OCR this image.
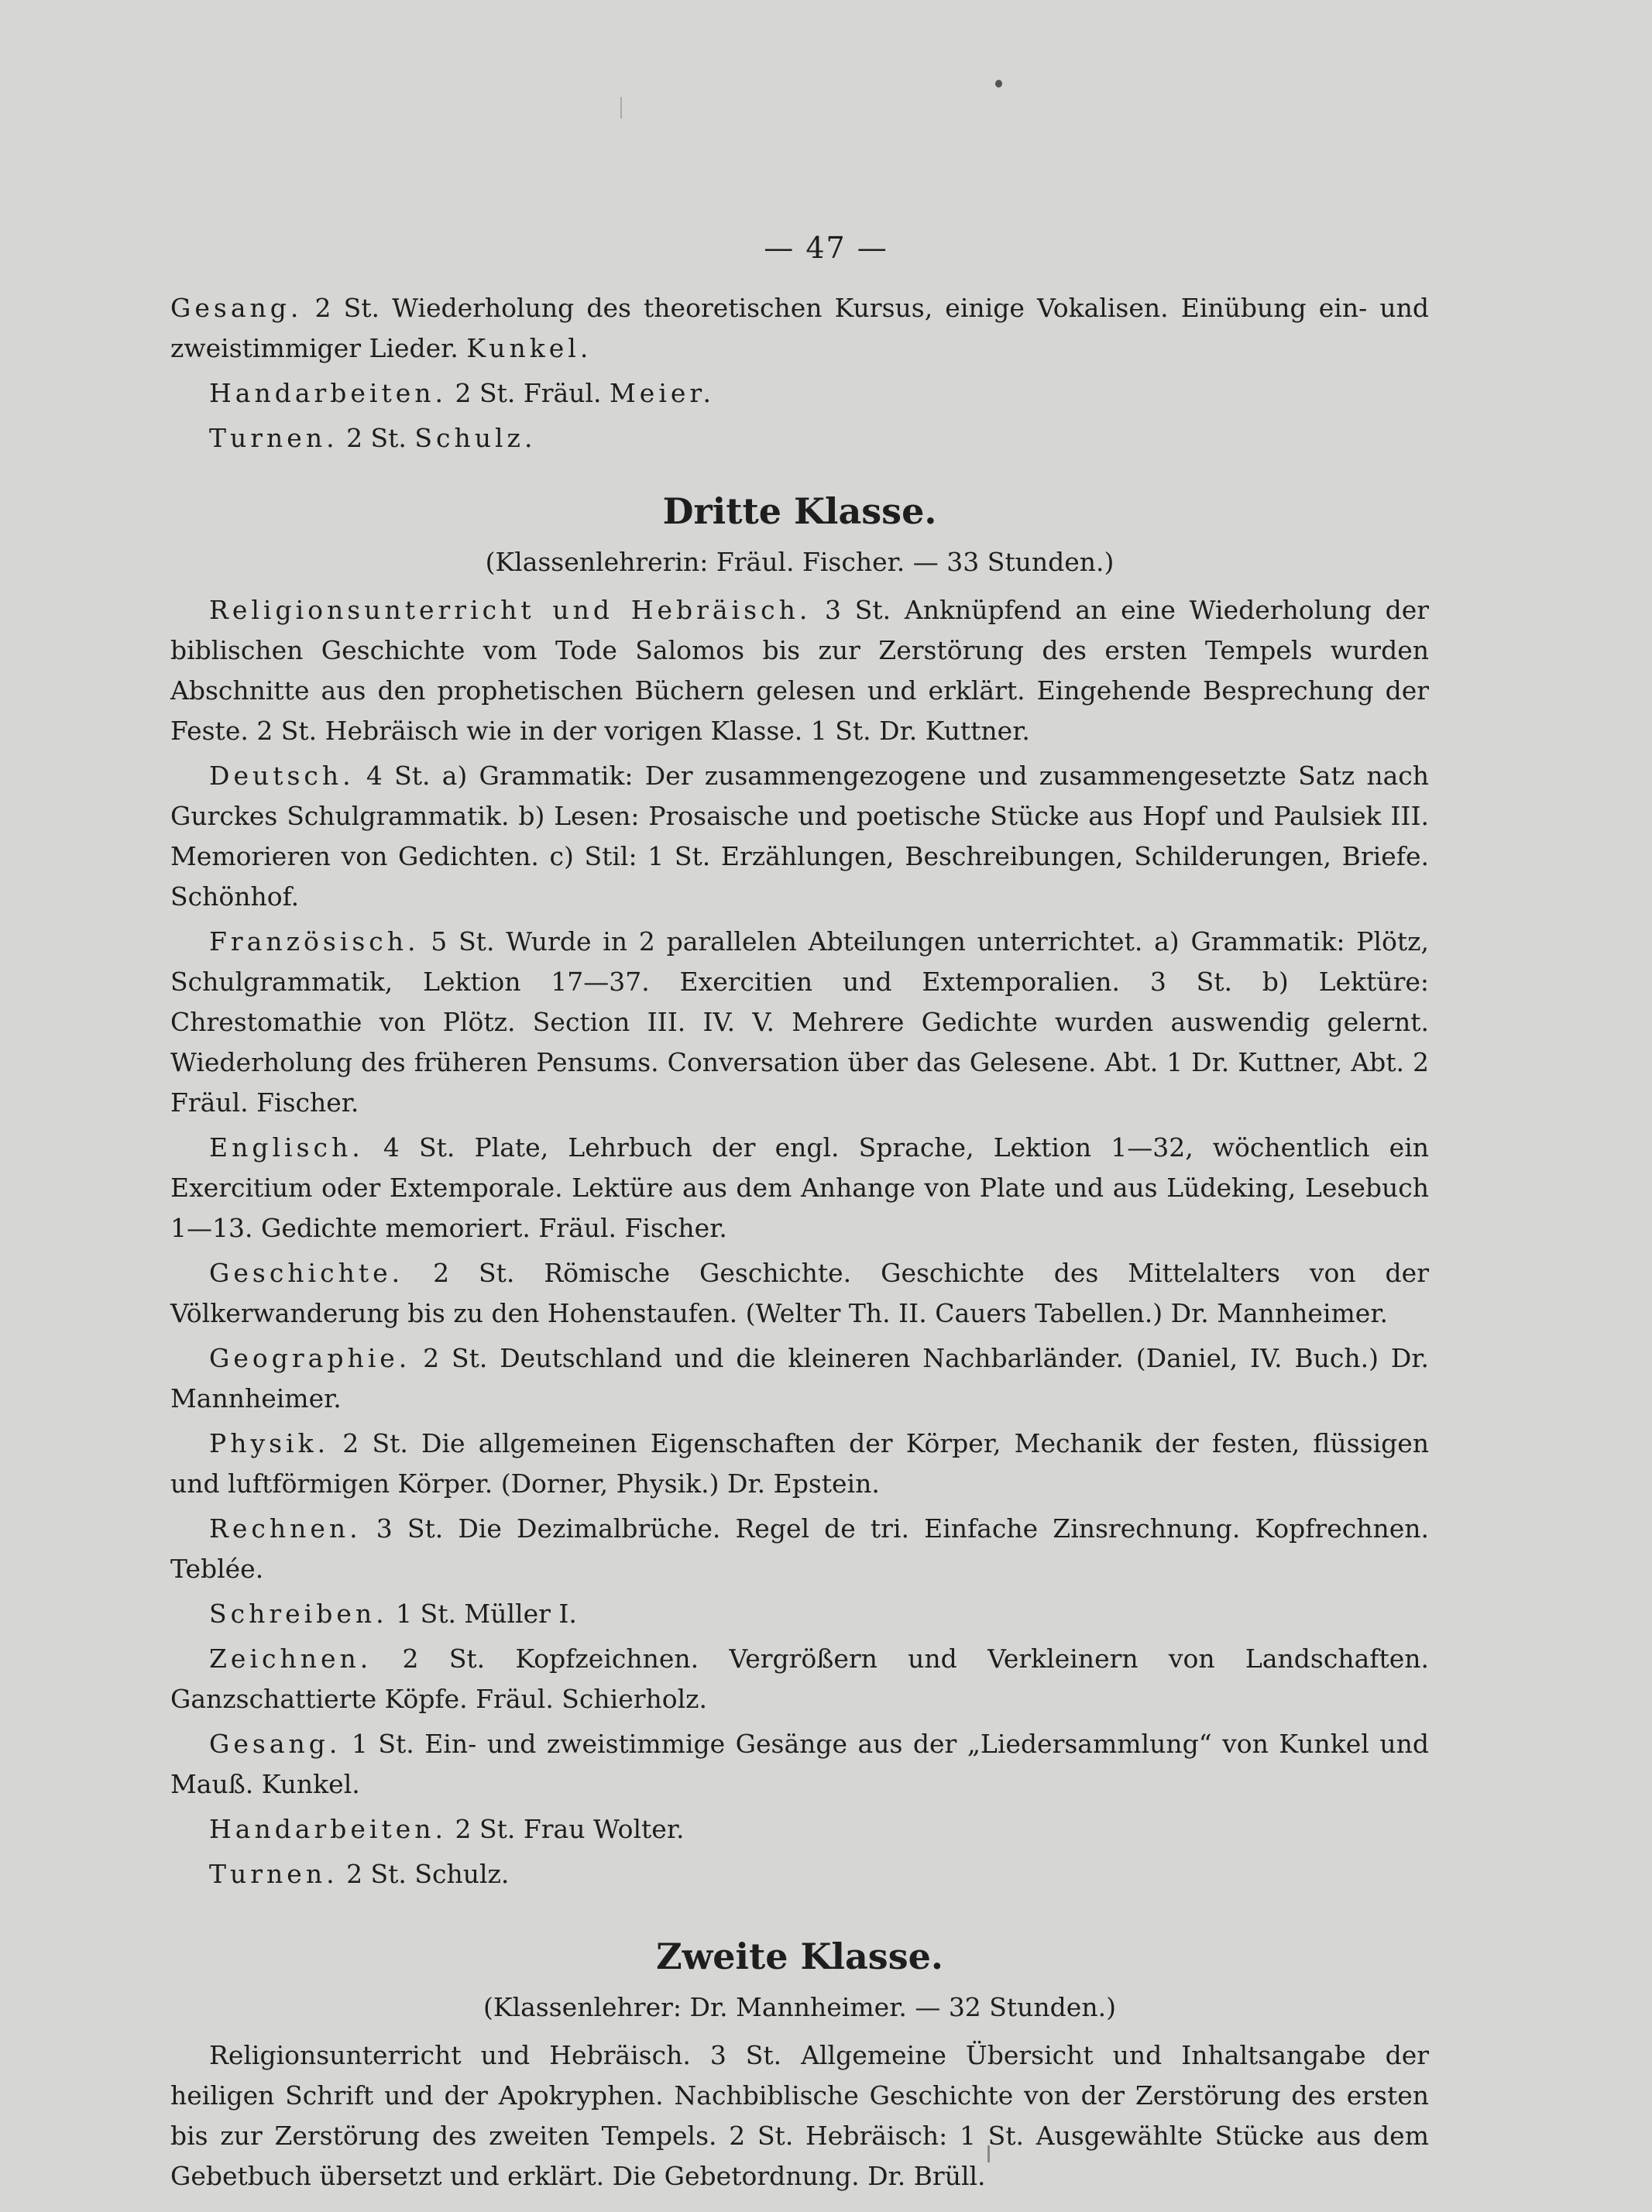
— 47 —

Gesang. 2 St. Wiederholung des theoretischen Kursus, einige Vokalisen. Einübung ein- und zweistimmiger Lieder. Kunkel.

Handarbeiten. 2 St. Fräul. Meier.

Turnen. 2 St. Schulz.

Dritte Klasse.
(Klassenlehrerin: Fräul. Fischer. — 33 Stunden.)

Religionsunterricht und Hebräisch. 3 St. Anknüpfend an eine Wiederholung der biblischen Geschichte vom Tode Salomos bis zur Zerstörung des ersten Tempels wurden Abschnitte aus den prophetischen Büchern gelesen und erklärt. Eingehende Besprechung der Feste. 2 St. Hebräisch wie in der vorigen Klasse. 1 St. Dr. Kuttner.

Deutsch. 4 St. a) Grammatik: Der zusammengezogene und zusammengesetzte Satz nach Gurckes Schulgrammatik. b) Lesen: Prosaische und poetische Stücke aus Hopf und Paulsiek III. Memorieren von Gedichten. c) Stil: 1 St. Erzählungen, Beschreibungen, Schilderungen, Briefe. Schönhof.

Französisch. 5 St. Wurde in 2 parallelen Abteilungen unterrichtet. a) Grammatik: Plötz, Schulgrammatik, Lektion 17—37. Exercitien und Extemporalien. 3 St. b) Lektüre: Chrestomathie von Plötz. Section III. IV. V. Mehrere Gedichte wurden auswendig gelernt. Wiederholung des früheren Pensums. Conversation über das Gelesene. Abt. 1 Dr. Kuttner, Abt. 2 Fräul. Fischer.

Englisch. 4 St. Plate, Lehrbuch der engl. Sprache, Lektion 1—32, wöchentlich ein Exercitium oder Extemporale. Lektüre aus dem Anhange von Plate und aus Lüdeking, Lesebuch 1—13. Gedichte memoriert. Fräul. Fischer.

Geschichte. 2 St. Römische Geschichte. Geschichte des Mittelalters von der Völkerwanderung bis zu den Hohenstaufen. (Welter Th. II. Cauers Tabellen.) Dr. Mannheimer.

Geographie. 2 St. Deutschland und die kleineren Nachbarländer. (Daniel, IV. Buch.) Dr. Mannheimer.

Physik. 2 St. Die allgemeinen Eigenschaften der Körper, Mechanik der festen, flüssigen und luftförmigen Körper. (Dorner, Physik.) Dr. Epstein.

Rechnen. 3 St. Die Dezimalbrüche. Regel de tri. Einfache Zinsrechnung. Kopfrechnen. Teblée.

Schreiben. 1 St. Müller I.

Zeichnen. 2 St. Kopfzeichnen. Vergrößern und Verkleinern von Landschaften. Ganzschattierte Köpfe. Fräul. Schierholz.

Gesang. 1 St. Ein- und zweistimmige Gesänge aus der „Liedersammlung“ von Kunkel und Mauß. Kunkel.

Handarbeiten. 2 St. Frau Wolter.

Turnen. 2 St. Schulz.

Zweite Klasse.
(Klassenlehrer: Dr. Mannheimer. — 32 Stunden.)

Religionsunterricht und Hebräisch. 3 St. Allgemeine Übersicht und Inhaltsangabe der heiligen Schrift und der Apokryphen. Nachbiblische Geschichte von der Zerstörung des ersten bis zur Zerstörung des zweiten Tempels. 2 St. Hebräisch: 1 St. Ausgewählte Stücke aus dem Gebetbuch übersetzt und erklärt. Die Gebetordnung. Dr. Brüll.
